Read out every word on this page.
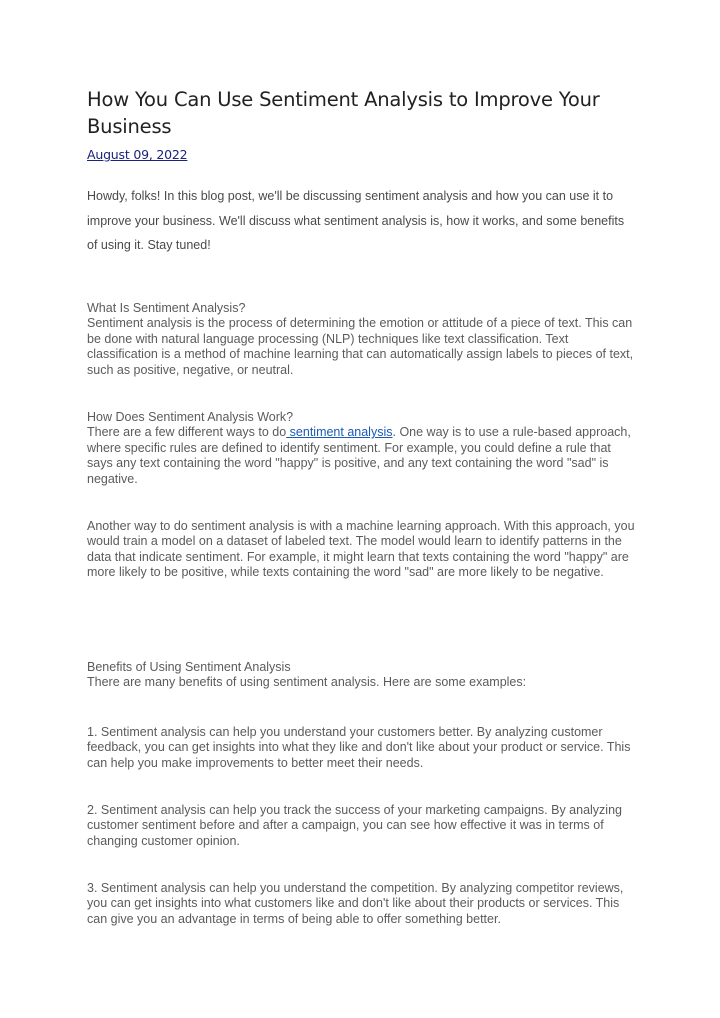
How You Can Use Sentiment Analysis to Improve Your Business
August 09, 2022

Howdy, folks! In this blog post, we'll be discussing sentiment analysis and how you can use it to improve your business. We'll discuss what sentiment analysis is, how it works, and some benefits of using it. Stay tuned!

What Is Sentiment Analysis?

Sentiment analysis is the process of determining the emotion or attitude of a piece of text. This can be done with natural language processing (NLP) techniques like text classification. Text classification is a method of machine learning that can automatically assign labels to pieces of text, such as positive, negative, or neutral.

How Does Sentiment Analysis Work?

There are a few different ways to do sentiment analysis. One way is to use a rule-based approach, where specific rules are defined to identify sentiment. For example, you could define a rule that says any text containing the word "happy" is positive, and any text containing the word "sad" is negative.

Another way to do sentiment analysis is with a machine learning approach. With this approach, you would train a model on a dataset of labeled text. The model would learn to identify patterns in the data that indicate sentiment. For example, it might learn that texts containing the word "happy" are more likely to be positive, while texts containing the word "sad" are more likely to be negative.

Benefits of Using Sentiment Analysis

There are many benefits of using sentiment analysis. Here are some examples:

1. Sentiment analysis can help you understand your customers better. By analyzing customer feedback, you can get insights into what they like and don't like about your product or service. This can help you make improvements to better meet their needs.

2. Sentiment analysis can help you track the success of your marketing campaigns. By analyzing customer sentiment before and after a campaign, you can see how effective it was in terms of changing customer opinion.

3. Sentiment analysis can help you understand the competition. By analyzing competitor reviews, you can get insights into what customers like and don't like about their products or services. This can give you an advantage in terms of being able to offer something better.
